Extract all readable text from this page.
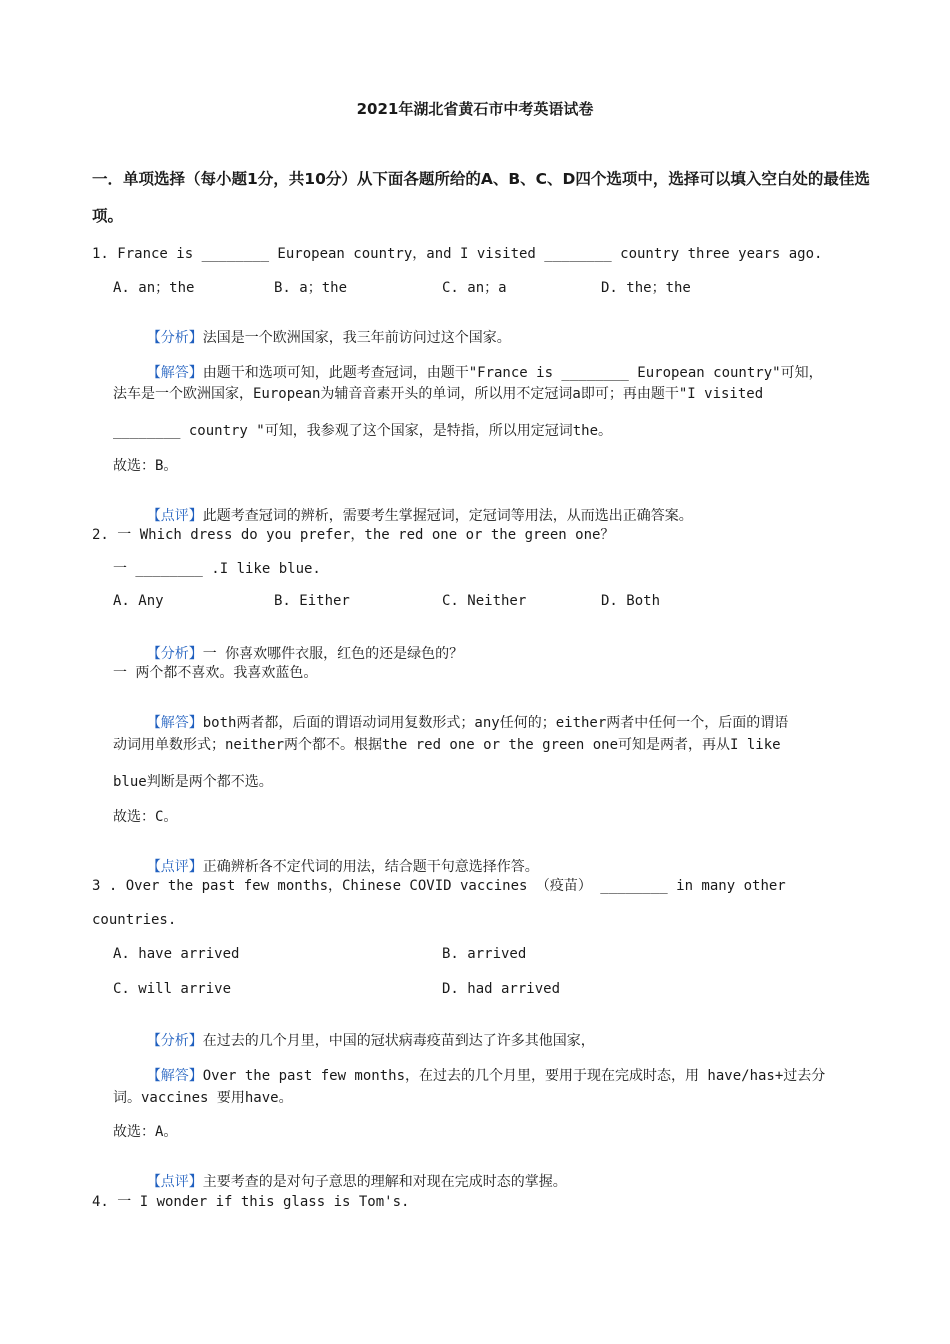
2021年湖北省黄石市中考英语试卷
一．单项选择（每小题1分，共10分）从下面各题所给的A、B、C、D四个选项中，选择可以填入空白处的最佳选项。
1. France is ________ European country，and I visited ________ country three years ago.
A. an；the	B. a；the	C. an；a	D. the；the

【分析】法国是一个欧洲国家，我三年前访问过这个国家。

【解答】由题干和选项可知，此题考查冠词，由题干"France is ________ European country"可知，

法车是一个欧洲国家，European为辅音音素开头的单词，所以用不定冠词a即可；再由题干"I visited
________ country "可知，我参观了这个国家，是特指，所以用定冠词the。
故选：B。

【点评】此题考查冠词的辨析，需要考生掌握冠词，定冠词等用法，从而选出正确答案。

2. 一 Which dress do you prefer，the red one or the green one？
一 ________ .I like blue.
A. Any	B. Either	C. Neither	D. Both

【分析】一 你喜欢哪件衣服，红色的还是绿色的？

一 两个都不喜欢。我喜欢蓝色。

【解答】both两者都，后面的谓语动词用复数形式；any任何的；either两者中任何一个，后面的谓语

动词用单数形式；neither两个都不。根据the red one or the green one可知是两者，再从I like
blue判断是两个都不选。
故选：C。

【点评】正确辨析各不定代词的用法，结合题干句意选择作答。

3 . Over the past few months，Chinese COVID vaccines （疫苗） ________ in many other
countries.
A. have arrived	B. arrived
C. will arrive	D. had arrived

【分析】在过去的几个月里，中国的冠状病毒疫苗到达了许多其他国家，

【解答】Over the past few months，在过去的几个月里，要用于现在完成时态，用 have/has+过去分

词。vaccines 要用have。
故选：A。

【点评】主要考查的是对句子意思的理解和对现在完成时态的掌握。

4. 一 I wonder if this glass is Tom's.
